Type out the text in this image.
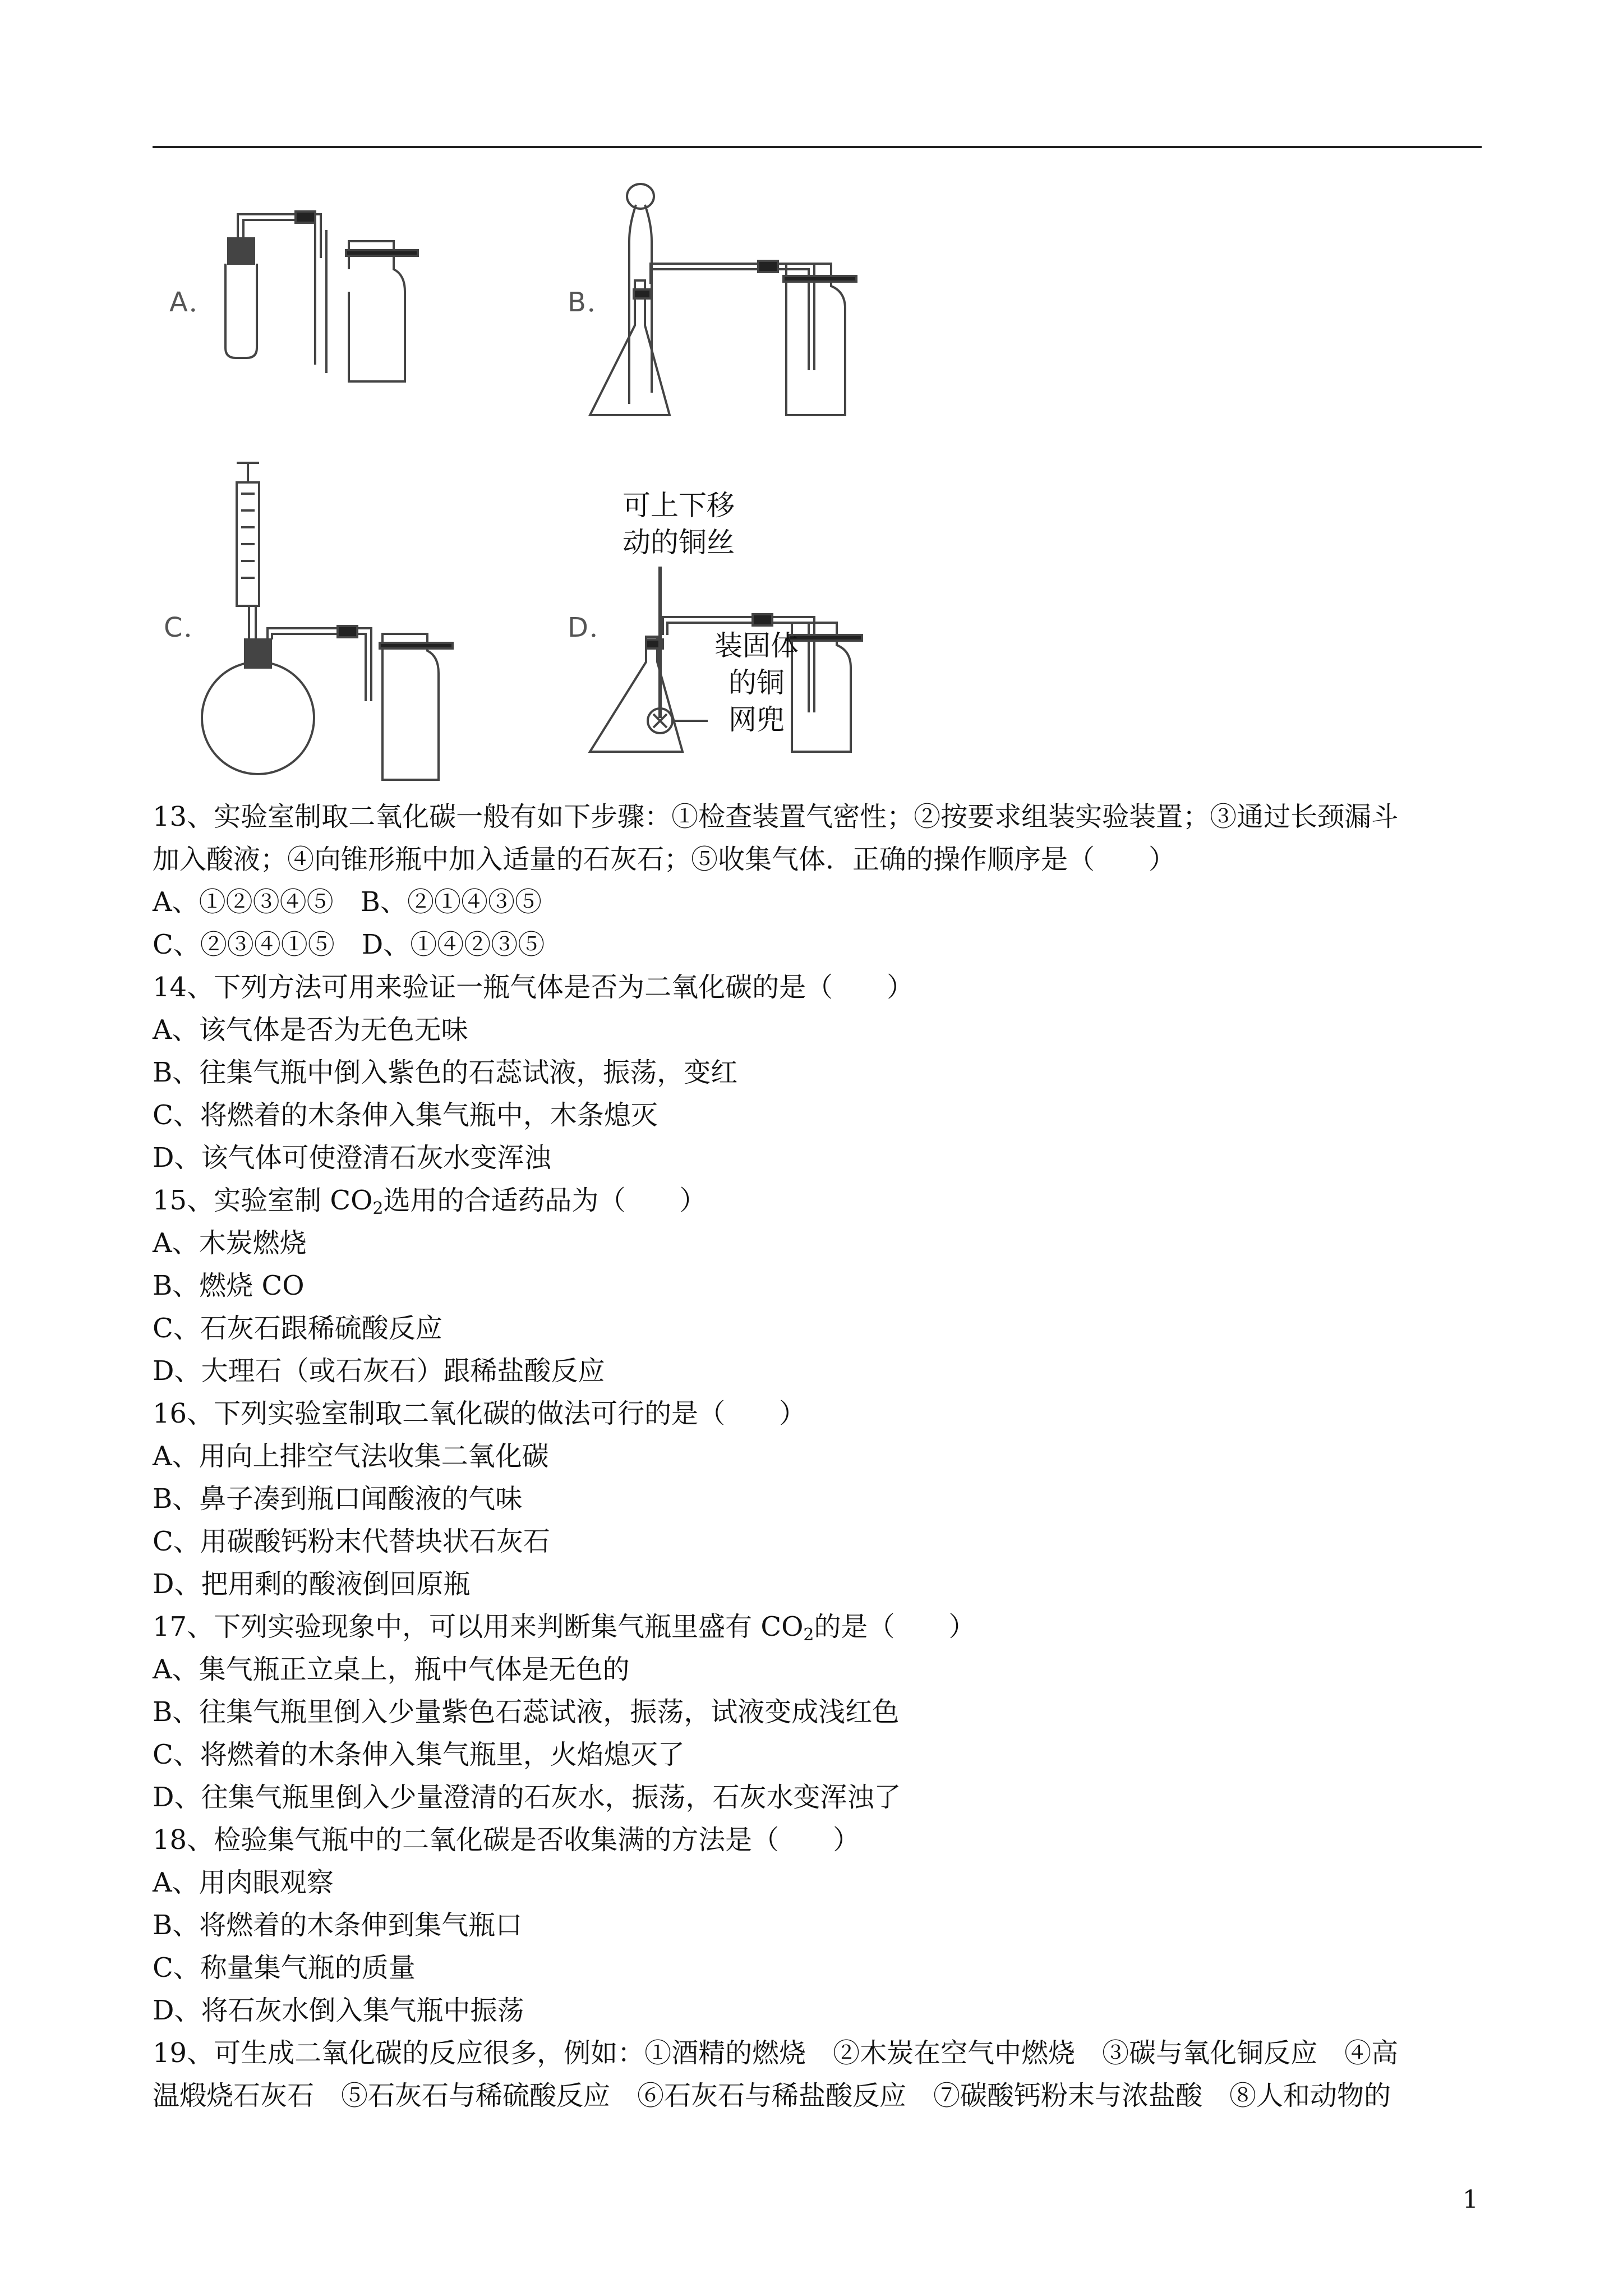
A．	B．
C．	D．
可上下移
动的铜丝
装固体
的铜
网兜
13、实验室制取二氧化碳一般有如下步骤：①检查装置气密性；②按要求组装实验装置；③通过长颈漏斗
加入酸液；④向锥形瓶中加入适量的石灰石；⑤收集气体．正确的操作顺序是（　　）
A、①②③④⑤　B、②①④③⑤
C、②③④①⑤　D、①④②③⑤
14、下列方法可用来验证一瓶气体是否为二氧化碳的是（　　）
A、该气体是否为无色无味
B、往集气瓶中倒入紫色的石蕊试液，振荡，变红
C、将燃着的木条伸入集气瓶中，木条熄灭
D、该气体可使澄清石灰水变浑浊
15、实验室制 $CO_2$选用的合适药品为（　　）
A、木炭燃烧
B、燃烧 CO
C、石灰石跟稀硫酸反应
D、大理石（或石灰石）跟稀盐酸反应
16、下列实验室制取二氧化碳的做法可行的是（　　）
A、用向上排空气法收集二氧化碳
B、鼻子凑到瓶口闻酸液的气味
C、用碳酸钙粉末代替块状石灰石
D、把用剩的酸液倒回原瓶
17、下列实验现象中，可以用来判断集气瓶里盛有 $CO_2$的是（　　）
A、集气瓶正立桌上，瓶中气体是无色的
B、往集气瓶里倒入少量紫色石蕊试液，振荡，试液变成浅红色
C、将燃着的木条伸入集气瓶里，火焰熄灭了
D、往集气瓶里倒入少量澄清的石灰水，振荡，石灰水变浑浊了
18、检验集气瓶中的二氧化碳是否收集满的方法是（　　）
A、用肉眼观察
B、将燃着的木条伸到集气瓶口
C、称量集气瓶的质量
D、将石灰水倒入集气瓶中振荡
19、可生成二氧化碳的反应很多，例如：①酒精的燃烧　②木炭在空气中燃烧　③碳与氧化铜反应　④高
温煅烧石灰石　⑤石灰石与稀硫酸反应　⑥石灰石与稀盐酸反应　⑦碳酸钙粉末与浓盐酸　⑧人和动物的
1
